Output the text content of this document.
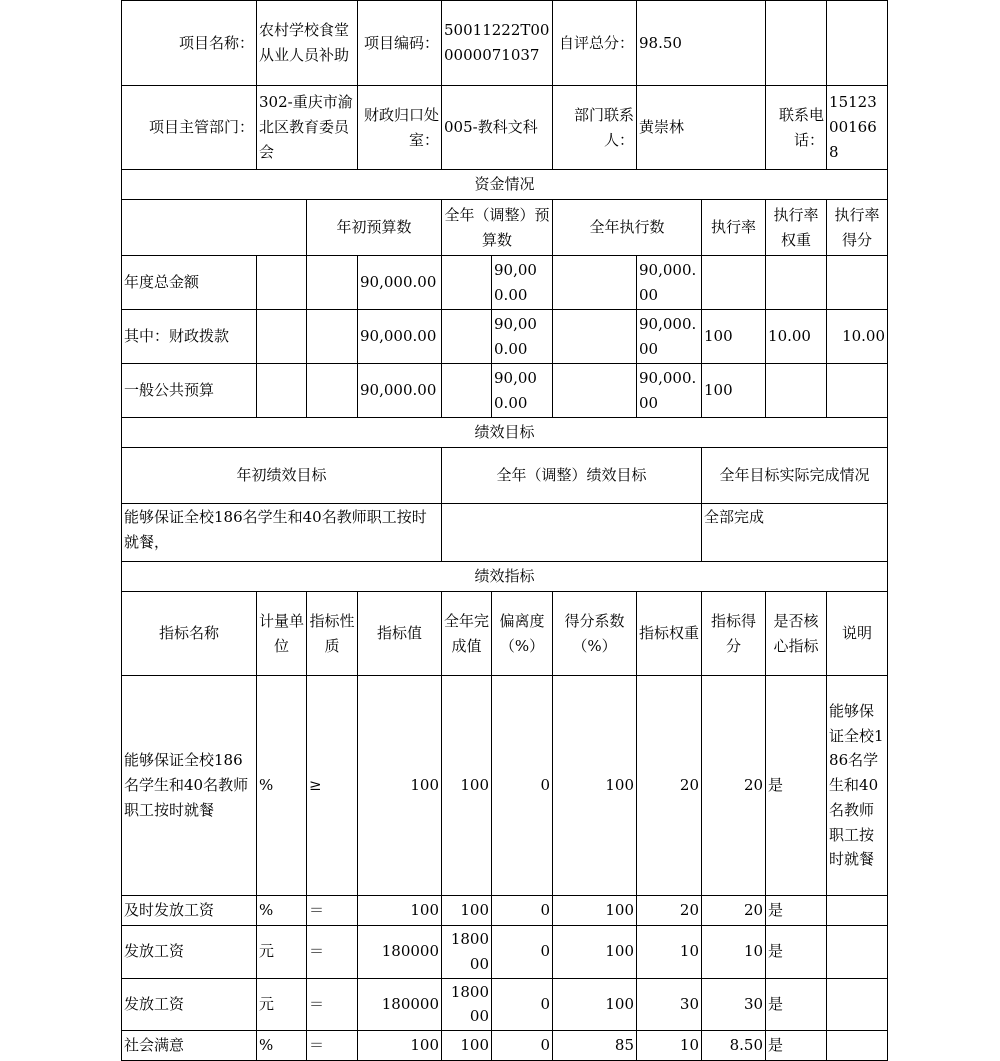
项目名称：	农村学校食堂从业人员补助		项目编码：	50011222T000000071037		自评总分：	98.50			
项目主管部门：	302-重庆市渝北区教育委员会		财政归口处室：	005-教科文科		部门联系人：	黄崇林		联系电话：	15123001668
资金情况										
		年初预算数		全年（调整）预算数		全年执行数		执行率	执行率权重	执行率得分
年度总金额			90,000.00		90,000.00		90,000.00			
其中：财政拨款			90,000.00		90,000.00		90,000.00	100	10.00	10.00
一般公共预算			90,000.00		90,000.00		90,000.00	100		
绩效目标										
年初绩效目标				全年（调整）绩效目标				全年目标实际完成情况		
能够保证全校186名学生和40名教师职工按时就餐，								全部完成		
绩效指标										
指标名称	计量单位	指标性质	指标值	全年完成值	偏离度（%）	得分系数（%）	指标权重	指标得分	是否核心指标	说明
能够保证全校186名学生和40名教师职工按时就餐	%	≥	100	100	0	100	20	20	是	能够保证全校186名学生和40名教师职工按时就餐
及时发放工资	%	＝	100	100	0	100	20	20	是	
发放工资	元	＝	180000	180000	0	100	10	10	是	
发放工资	元	＝	180000	180000	0	100	30	30	是	
社会满意	%	＝	100	100	0	85	10	8.50	是	
